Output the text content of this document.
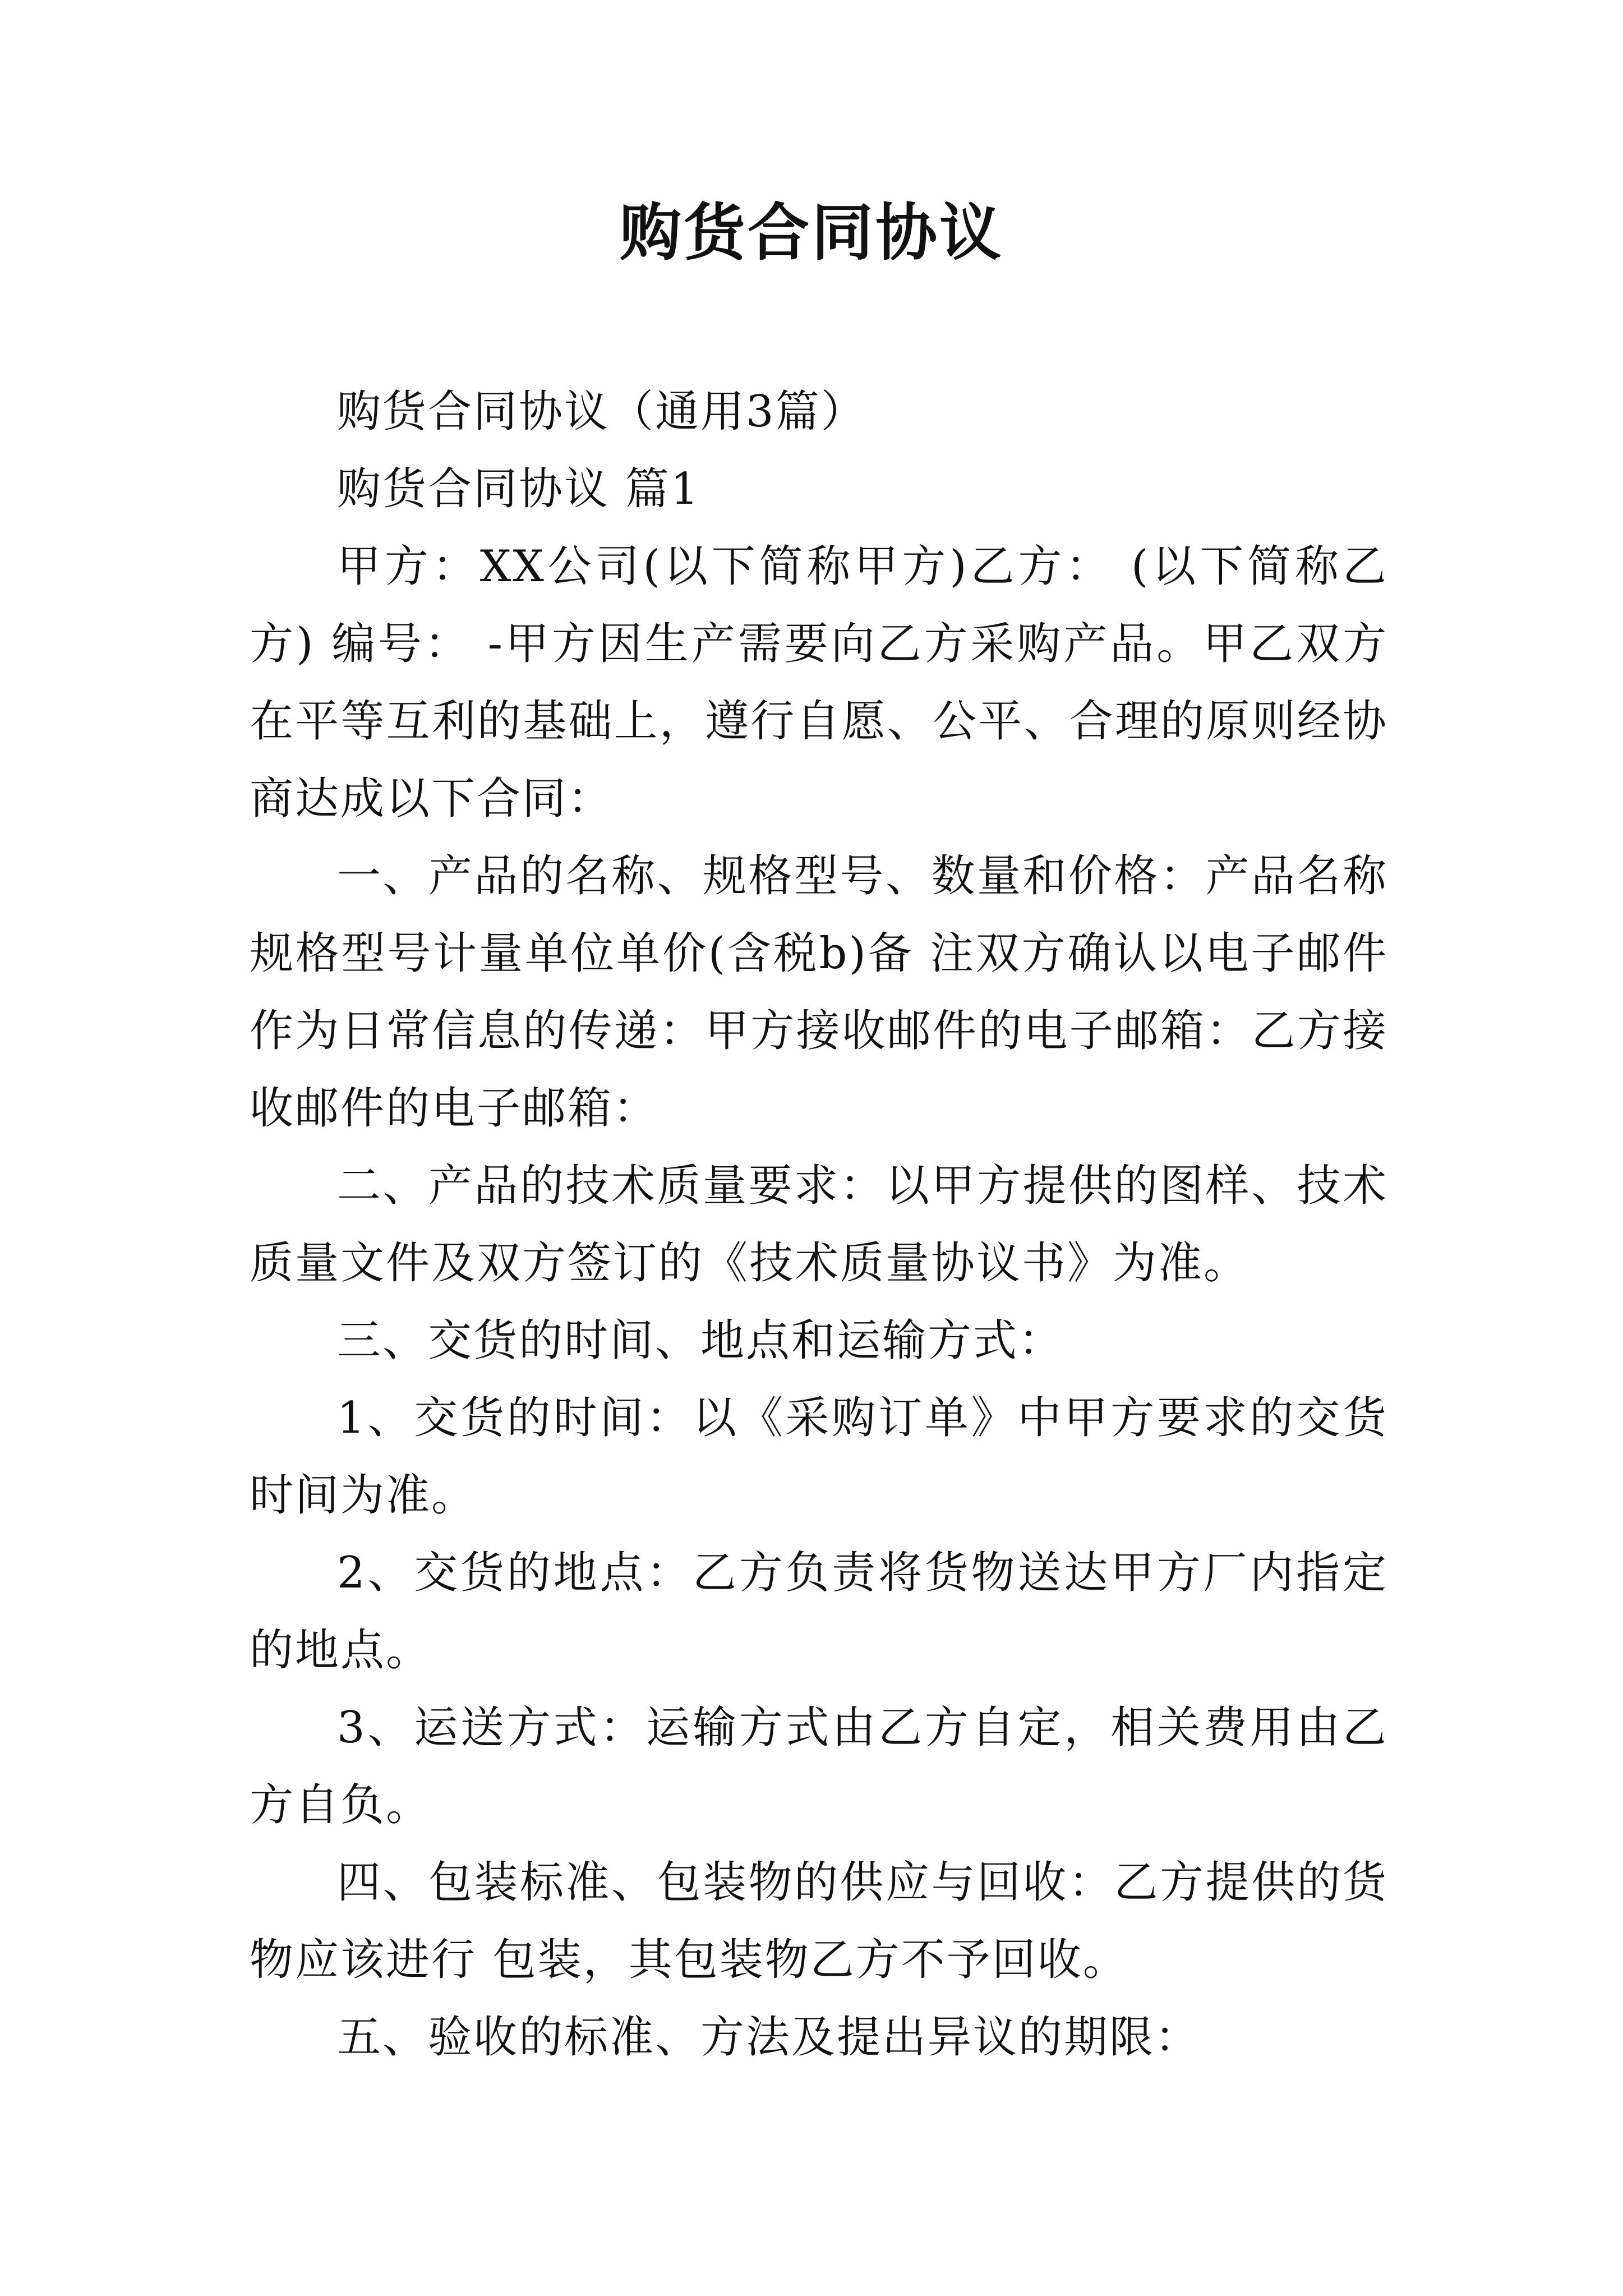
购货合同协议

购货合同协议（通用3篇）

购货合同协议 篇1

甲方：XX公司(以下简称甲方)乙方： (以下简称乙方) 编号： -甲方因生产需要向乙方采购产品。甲乙双方在平等互利的基础上，遵行自愿、公平、合理的原则经协商达成以下合同：

一、产品的名称、规格型号、数量和价格：产品名称规格型号计量单位单价(含税b)备 注双方确认以电子邮件作为日常信息的传递：甲方接收邮件的电子邮箱：乙方接收邮件的电子邮箱：

二、产品的技术质量要求：以甲方提供的图样、技术质量文件及双方签订的《技术质量协议书》为准。

三、交货的时间、地点和运输方式：

1、交货的时间：以《采购订单》中甲方要求的交货时间为准。

2、交货的地点：乙方负责将货物送达甲方厂内指定的地点。

3、运送方式：运输方式由乙方自定，相关费用由乙方自负。

四、包装标准、包装物的供应与回收：乙方提供的货物应该进行 包装，其包装物乙方不予回收。

五、验收的标准、方法及提出异议的期限：
